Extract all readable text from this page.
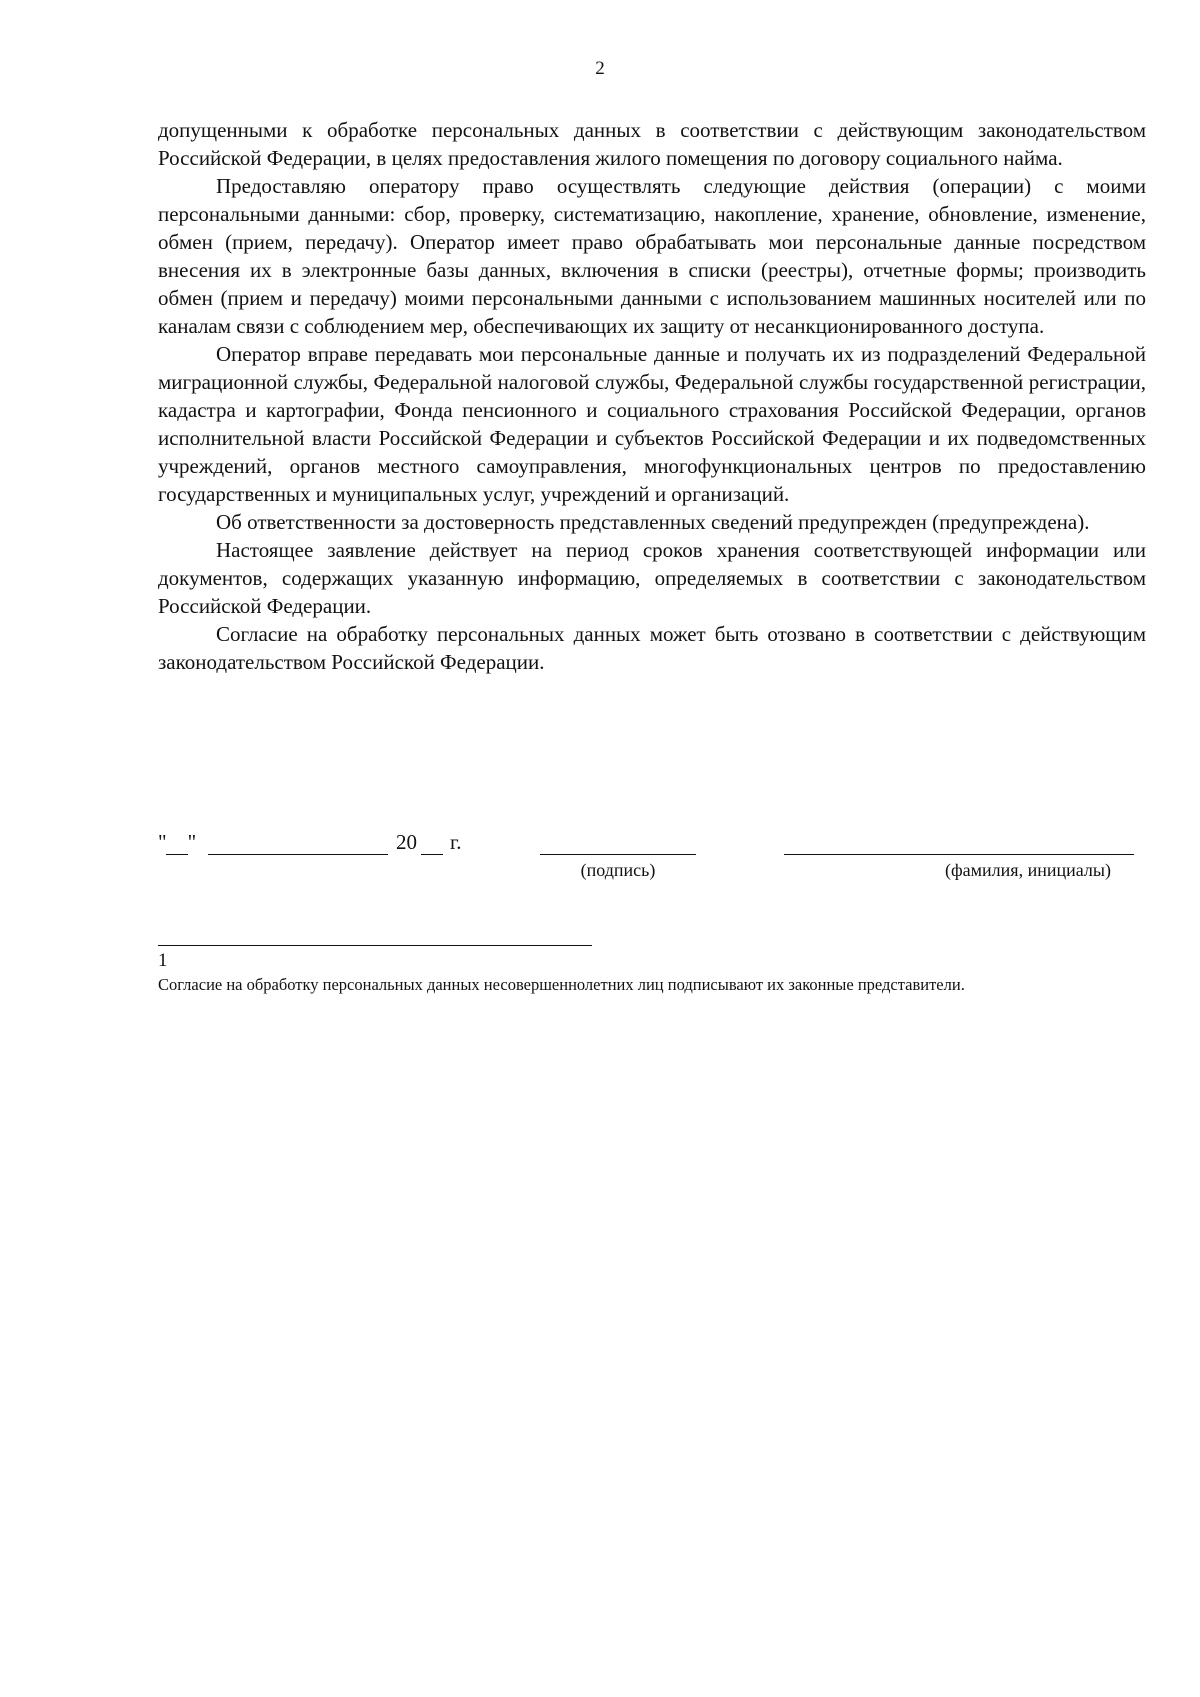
2

допущенными к обработке персональных данных в соответствии с действующим законодательством Российской Федерации, в целях предоставления жилого помещения по договору социального найма.

Предоставляю оператору право осуществлять следующие действия (операции) с моими персональными данными: сбор, проверку, систематизацию, накопление, хранение, обновление, изменение, обмен (прием, передачу). Оператор имеет право обрабатывать мои персональные данные посредством внесения их в электронные базы данных, включения в списки (реестры), отчетные формы; производить обмен (прием и передачу) моими персональными данными с использованием машинных носителей или по каналам связи с соблюдением мер, обеспечивающих их защиту от несанкционированного доступа.

Оператор вправе передавать мои персональные данные и получать их из подразделений Федеральной миграционной службы, Федеральной налоговой службы, Федеральной службы государственной регистрации, кадастра и картографии, Фонда пенсионного и социального страхования Российской Федерации, органов исполнительной власти Российской Федерации и субъектов Российской Федерации и их подведомственных учреждений, органов местного самоуправления, многофункциональных центров по предоставлению государственных и муниципальных услуг, учреждений и организаций.

Об ответственности за достоверность представленных сведений предупрежден (предупреждена).

Настоящее заявление действует на период сроков хранения соответствующей информации или документов, содержащих указанную информацию, определяемых в соответствии с законодательством Российской Федерации.

Согласие на обработку персональных данных может быть отозвано в соответствии с действующим законодательством Российской Федерации.

"    "	20 г.
(подпись)	(фамилия, инициалы)
1
Согласие на обработку персональных данных несовершеннолетних лиц подписывают их законные представители.
